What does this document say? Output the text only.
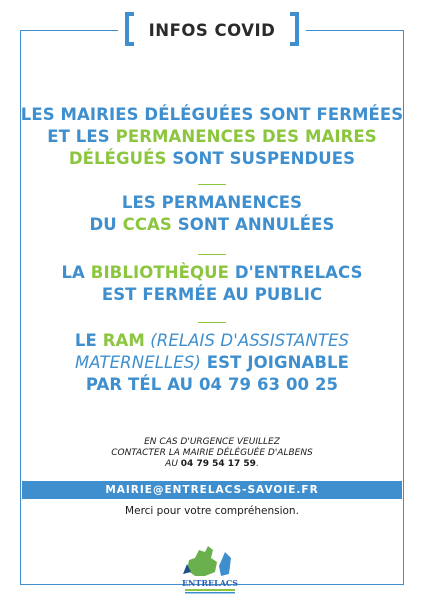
INFOS COVID
LES MAIRIES DÉLÉGUÉES SONT FERMÉES
ET LES PERMANENCES DES MAIRES
DÉLÉGUÉS SONT SUSPENDUES
LES PERMANENCES
DU CCAS SONT ANNULÉES
LA BIBLIOTHÈQUE D'ENTRELACS
EST FERMÉE AU PUBLIC
LE RAM (RELAIS D'ASSISTANTES
MATERNELLES) EST JOIGNABLE
PAR TÉL AU 04 79 63 00 25
EN CAS D'URGENCE VEUILLEZ
CONTACTER LA MAIRIE DÉLÉGUÉE D'ALBENS
AU 04 79 54 17 59.
MAIRIE@ENTRELACS-SAVOIE.FR
Merci pour votre compréhension.
ENTRELACS
